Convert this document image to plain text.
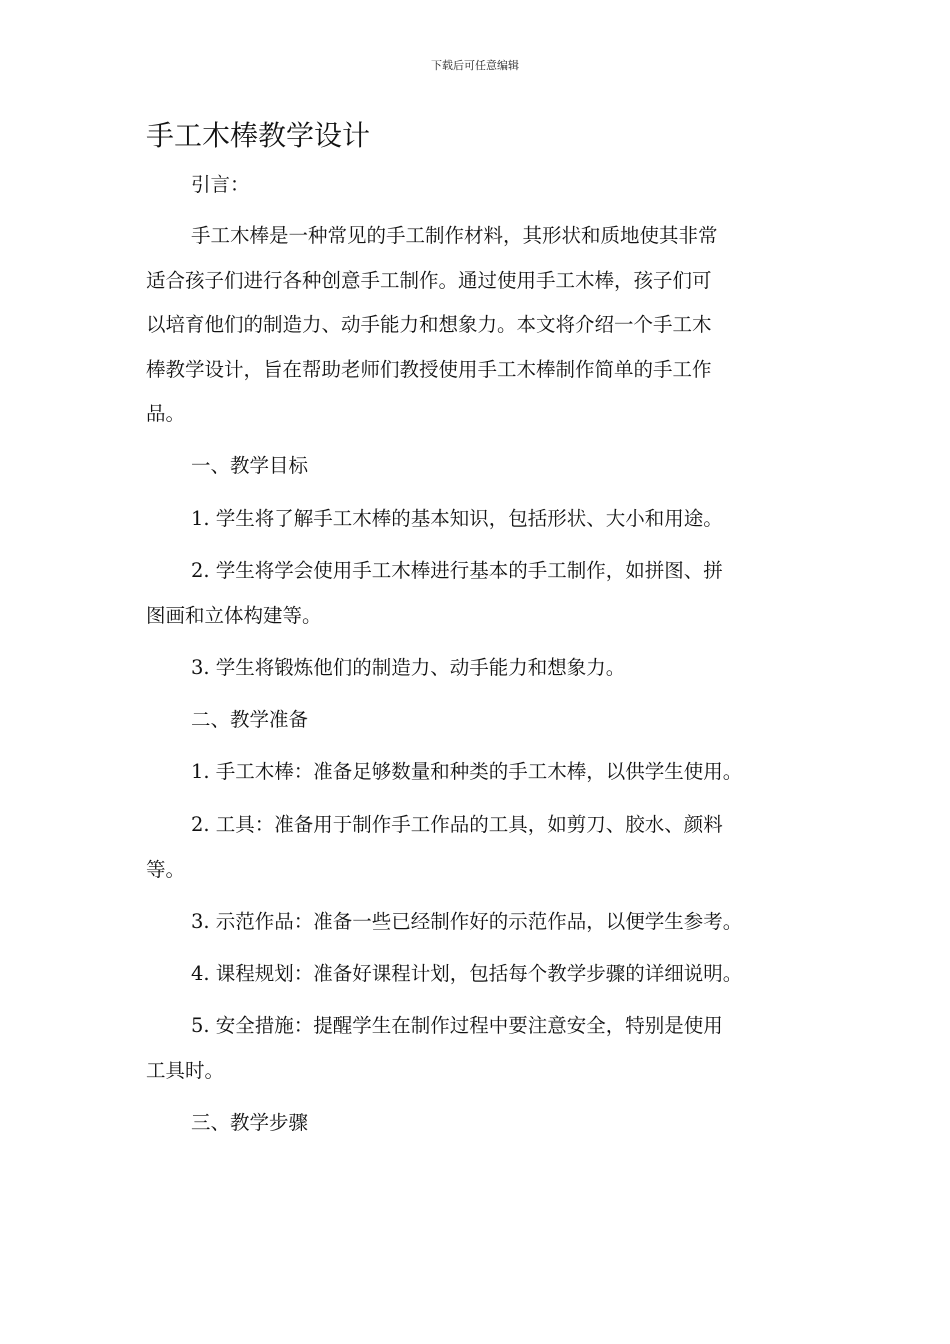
下载后可任意编辑
手工木棒教学设计

引言：

手工木棒是一种常见的手工制作材料，其形状和质地使其非常
适合孩子们进行各种创意手工制作。通过使用手工木棒，孩子们可
以培育他们的制造力、动手能力和想象力。本文将介绍一个手工木
棒教学设计，旨在帮助老师们教授使用手工木棒制作简单的手工作
品。

一、教学目标

1. 学生将了解手工木棒的基本知识，包括形状、大小和用途。

2. 学生将学会使用手工木棒进行基本的手工制作，如拼图、拼
图画和立体构建等。

3. 学生将锻炼他们的制造力、动手能力和想象力。

二、教学准备

1. 手工木棒：准备足够数量和种类的手工木棒，以供学生使用。

2. 工具：准备用于制作手工作品的工具，如剪刀、胶水、颜料
等。

3. 示范作品：准备一些已经制作好的示范作品，以便学生参考。

4. 课程规划：准备好课程计划，包括每个教学步骤的详细说明。

5. 安全措施：提醒学生在制作过程中要注意安全，特别是使用
工具时。

三、教学步骤
